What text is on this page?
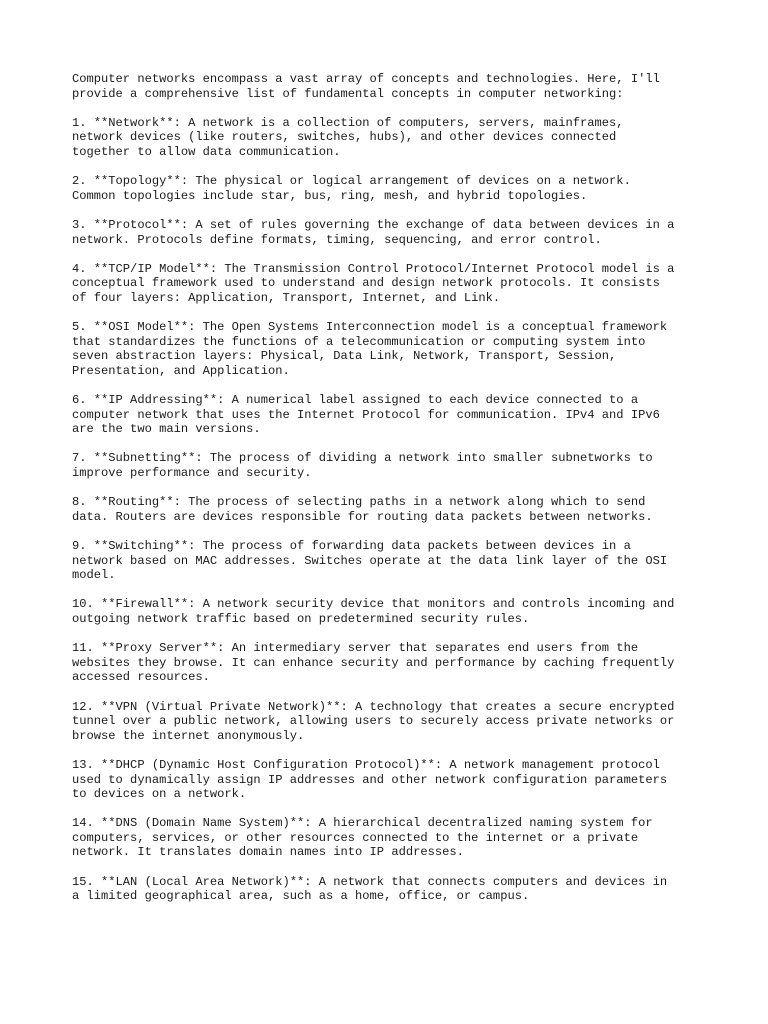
Computer networks encompass a vast array of concepts and technologies. Here, I'll
provide a comprehensive list of fundamental concepts in computer networking:

1. **Network**: A network is a collection of computers, servers, mainframes,
network devices (like routers, switches, hubs), and other devices connected
together to allow data communication.

2. **Topology**: The physical or logical arrangement of devices on a network.
Common topologies include star, bus, ring, mesh, and hybrid topologies.

3. **Protocol**: A set of rules governing the exchange of data between devices in a
network. Protocols define formats, timing, sequencing, and error control.

4. **TCP/IP Model**: The Transmission Control Protocol/Internet Protocol model is a
conceptual framework used to understand and design network protocols. It consists
of four layers: Application, Transport, Internet, and Link.

5. **OSI Model**: The Open Systems Interconnection model is a conceptual framework
that standardizes the functions of a telecommunication or computing system into
seven abstraction layers: Physical, Data Link, Network, Transport, Session,
Presentation, and Application.

6. **IP Addressing**: A numerical label assigned to each device connected to a
computer network that uses the Internet Protocol for communication. IPv4 and IPv6
are the two main versions.

7. **Subnetting**: The process of dividing a network into smaller subnetworks to
improve performance and security.

8. **Routing**: The process of selecting paths in a network along which to send
data. Routers are devices responsible for routing data packets between networks.

9. **Switching**: The process of forwarding data packets between devices in a
network based on MAC addresses. Switches operate at the data link layer of the OSI
model.

10. **Firewall**: A network security device that monitors and controls incoming and
outgoing network traffic based on predetermined security rules.

11. **Proxy Server**: An intermediary server that separates end users from the
websites they browse. It can enhance security and performance by caching frequently
accessed resources.

12. **VPN (Virtual Private Network)**: A technology that creates a secure encrypted
tunnel over a public network, allowing users to securely access private networks or
browse the internet anonymously.

13. **DHCP (Dynamic Host Configuration Protocol)**: A network management protocol
used to dynamically assign IP addresses and other network configuration parameters
to devices on a network.

14. **DNS (Domain Name System)**: A hierarchical decentralized naming system for
computers, services, or other resources connected to the internet or a private
network. It translates domain names into IP addresses.

15. **LAN (Local Area Network)**: A network that connects computers and devices in
a limited geographical area, such as a home, office, or campus.
